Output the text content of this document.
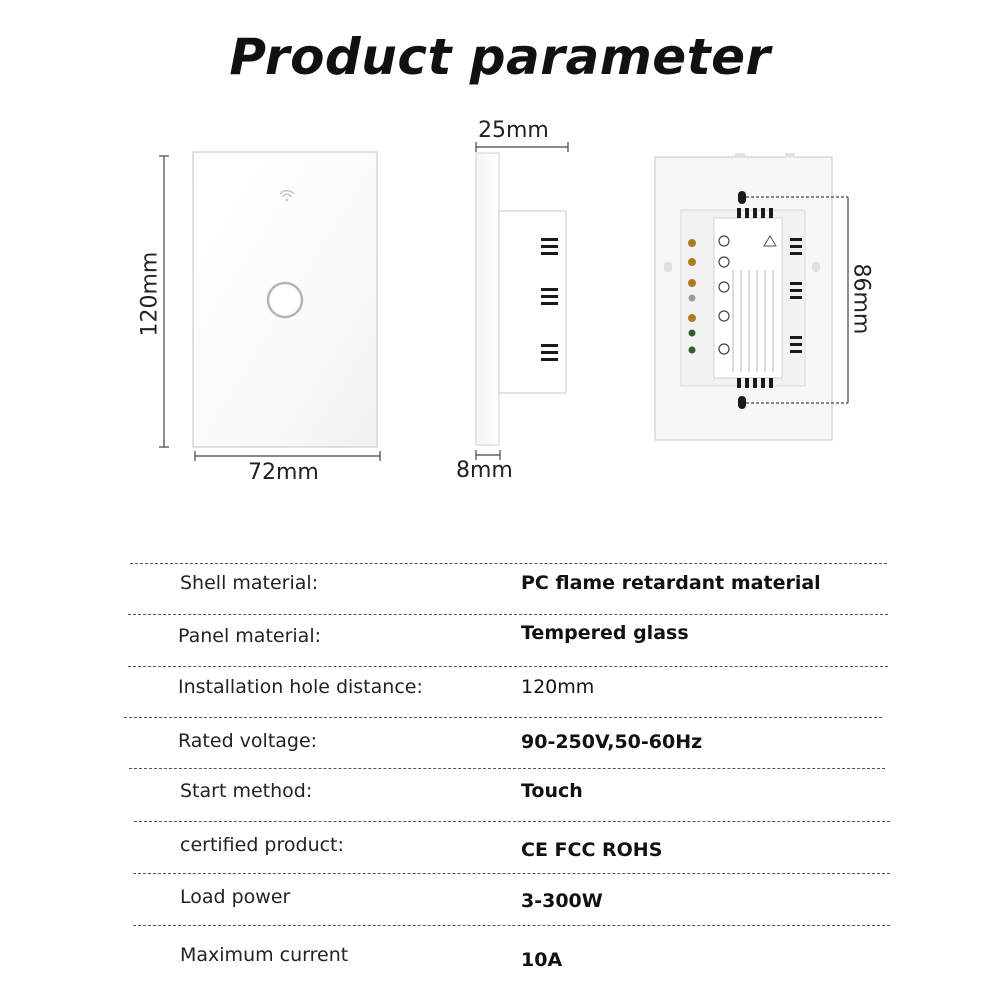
Product parameter
25mm
72mm	8mm
120mm	86mm
Shell material:	PC flame retardant material
Panel material:	Tempered glass
Installation hole distance:	120mm
Rated voltage:	90-250V,50-60Hz
Start method:	Touch
certified product:	CE FCC ROHS
Load power	3-300W
Maximum current	10A
